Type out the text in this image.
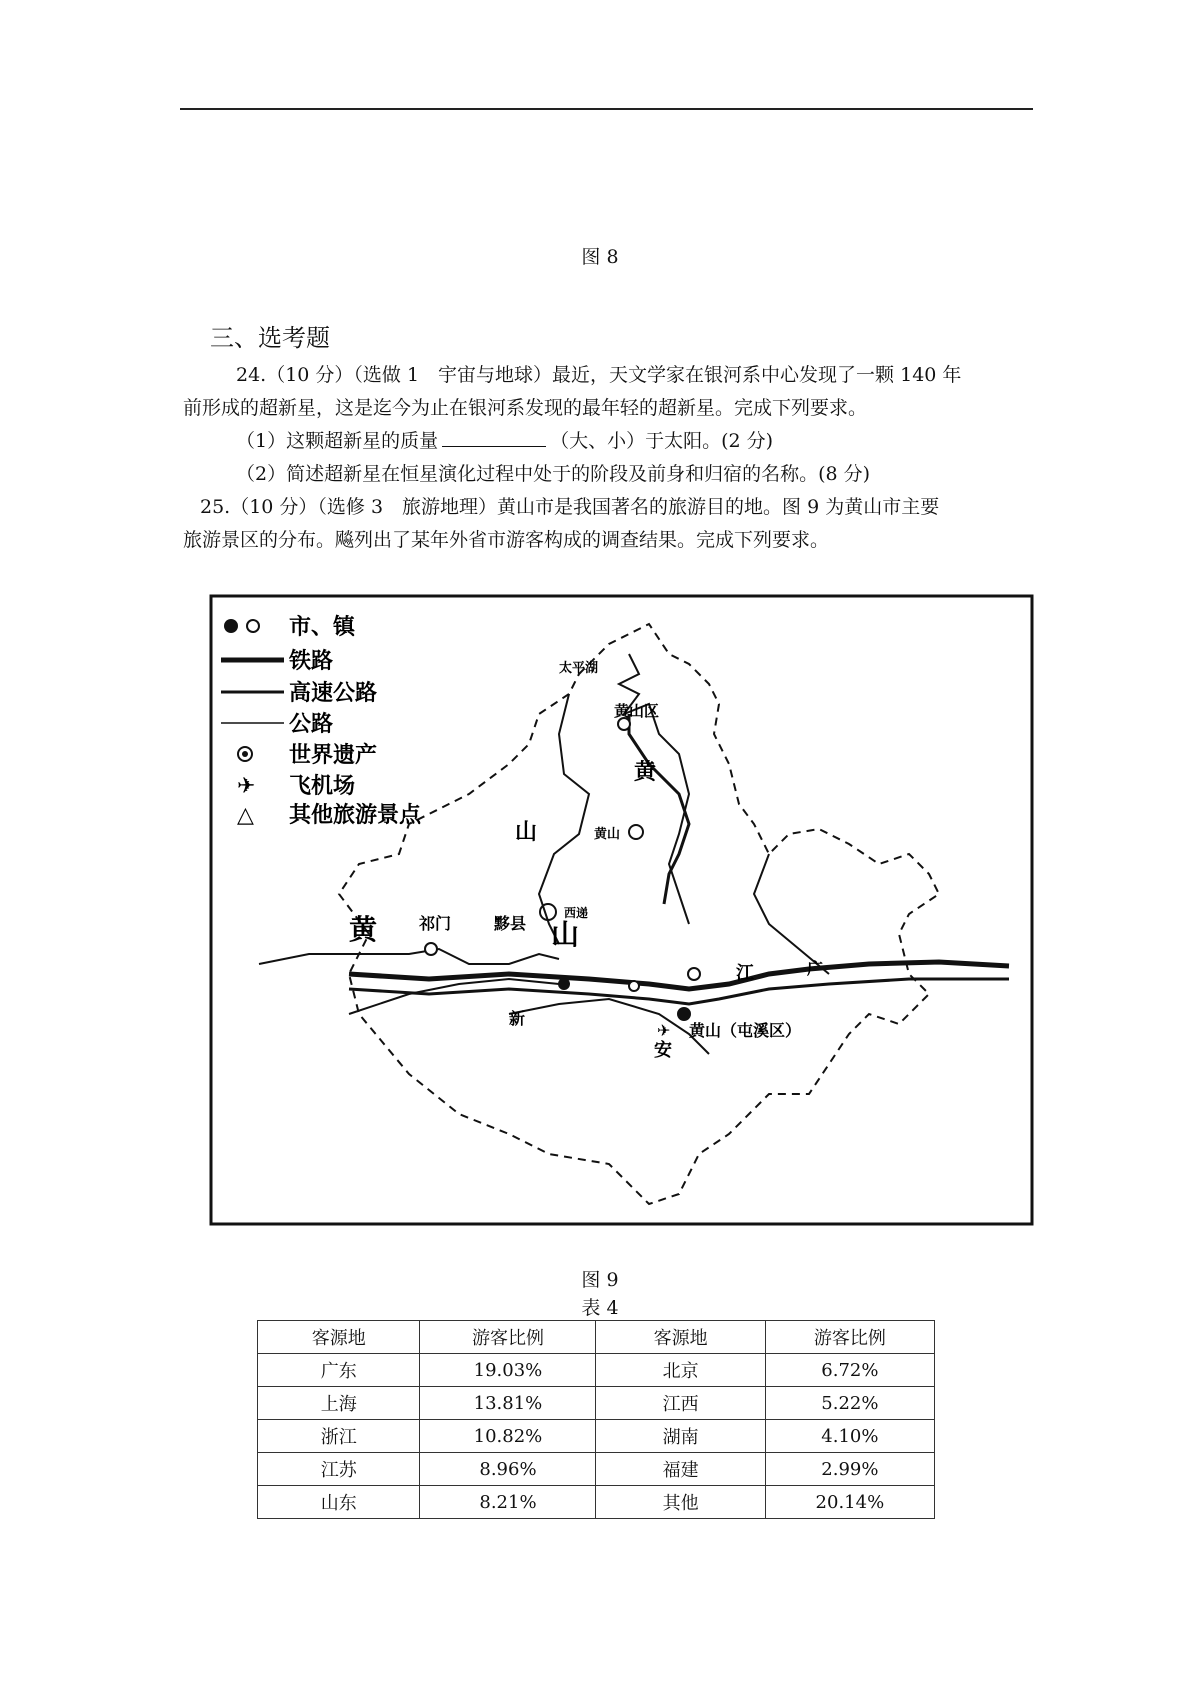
图 8
三、选考题
24.（10 分）（选做 1　宇宙与地球）最近，天文学家在银河系中心发现了一颗 140 年
前形成的超新星，这是迄今为止在银河系发现的最年轻的超新星。完成下列要求。
（1）这颗超新星的质量	（大、小）于太阳。(2 分)
（2）简述超新星在恒星演化过程中处于的阶段及前身和归宿的名称。(8 分)
25.（10 分）（选修 3　旅游地理）黄山市是我国著名的旅游目的地。图 9 为黄山市主要
旅游景区的分布。飚列出了某年外省市游客构成的调查结果。完成下列要求。
市、镇
铁路
高速公路
公路
世界遗产
✈ 飞机场
△ 其他旅游景点
太平湖
黄山区
黄
黄山
山
祁门	黟县
西递
黄	山
江	广
新
✈
安
黄山（屯溪区）
图 9
表 4
客源地	游客比例	客源地	游客比例
广东	19.03%	北京	6.72%
上海	13.81%	江西	5.22%
浙江	10.82%	湖南	4.10%
江苏	8.96%	福建	2.99%
山东	8.21%	其他	20.14%
